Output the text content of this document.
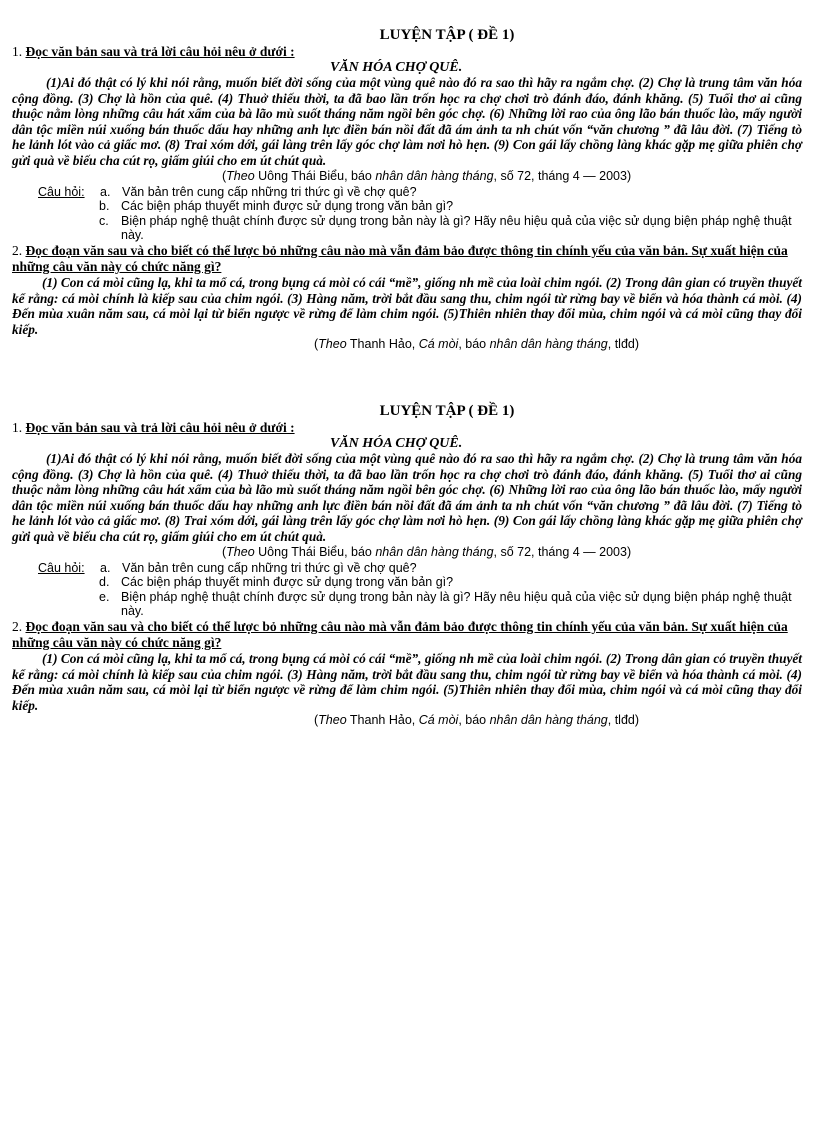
LUYỆN TẬP ( ĐỀ 1)
1. Đọc văn bản sau và trả lời câu hỏi nêu ở dưới :
VĂN HÓA CHỢ QUÊ.
(1)Ai đó thật có lý khi nói rằng, muốn biết đời sống của một vùng quê nào đó ra sao thì hãy ra ngắm chợ. (2) Chợ là trung tâm văn hóa cộng đồng. (3) Chợ là hồn của quê. (4) Thuở thiếu thời, ta đã bao lần trốn học ra chợ chơi trò đánh đáo, đánh khăng. (5) Tuổi thơ ai cũng thuộc nằm lòng những câu hát xẩm của bà lão mù suốt tháng năm ngồi bên góc chợ. (6) Những lời rao của ông lão bán thuốc lào, mấy người dân tộc miền núi xuống bán thuốc dấu hay những anh lực điền bán nồi đất đã ám ảnh ta nh chút vốn “văn chương ” đã lâu đời. (7) Tiếng tò he lảnh lót vào cả giấc mơ. (8) Trai xóm dới, gái làng trên lấy góc chợ làm nơi hò hẹn. (9) Con gái lấy chồng làng khác gặp mẹ giữa phiên chợ gửi quà về biếu cha cút rọ, giấm giúi cho em út chút quà.
(Theo Uông Thái Biểu, báo nhân dân hàng tháng, số 72, tháng 4 — 2003)
Câu hỏi:	a. Văn bản trên cung cấp những tri thức gì về chợ quê?
b. Các biện pháp thuyết minh được sử dụng trong văn bản gì?
c. Biện pháp nghệ thuật chính được sử dụng trong bản này là gì? Hãy nêu hiệu quả của việc sử dụng biện pháp nghệ thuật này.
2. Đọc đoạn văn sau và cho biết có thể lược bỏ những câu nào mà vẫn đảm bảo được thông tin chính yếu của văn bản. Sự xuất hiện của những câu văn này có chức năng gì?
(1) Con cá mòi cũng lạ, khi ta mổ cá, trong bụng cá mòi có cái “mề”, giống nh mề của loài chim ngói. (2) Trong dân gian có truyền thuyết kể rằng: cá mòi chính là kiếp sau của chim ngói. (3) Hàng năm, trời bắt đầu sang thu, chim ngói từ rừng bay về biển và hóa thành cá mòi. (4) Đến mùa xuân năm sau, cá mòi lại từ biển ngược về rừng để làm chim ngói. (5)Thiên nhiên thay đổi mùa, chim ngói và cá mòi cũng thay đổi kiếp.
(Theo Thanh Hảo, Cá mòi, báo nhân dân hàng tháng, tlđd)
LUYỆN TẬP ( ĐỀ 1)
1. Đọc văn bản sau và trả lời câu hỏi nêu ở dưới :
VĂN HÓA CHỢ QUÊ.
(1)Ai đó thật có lý khi nói rằng, muốn biết đời sống của một vùng quê nào đó ra sao thì hãy ra ngắm chợ. (2) Chợ là trung tâm văn hóa cộng đồng. (3) Chợ là hồn của quê. (4) Thuở thiếu thời, ta đã bao lần trốn học ra chợ chơi trò đánh đáo, đánh khăng. (5) Tuổi thơ ai cũng thuộc nằm lòng những câu hát xẩm của bà lão mù suốt tháng năm ngồi bên góc chợ. (6) Những lời rao của ông lão bán thuốc lào, mấy người dân tộc miền núi xuống bán thuốc dấu hay những anh lực điền bán nồi đất đã ám ảnh ta nh chút vốn “văn chương ” đã lâu đời. (7) Tiếng tò he lảnh lót vào cả giấc mơ. (8) Trai xóm dới, gái làng trên lấy góc chợ làm nơi hò hẹn. (9) Con gái lấy chồng làng khác gặp mẹ giữa phiên chợ gửi quà về biếu cha cút rọ, giấm giúi cho em út chút quà.
(Theo Uông Thái Biểu, báo nhân dân hàng tháng, số 72, tháng 4 — 2003)
Câu hỏi:	a. Văn bản trên cung cấp những tri thức gì về chợ quê?
d. Các biện pháp thuyết minh được sử dụng trong văn bản gì?
e. Biện pháp nghệ thuật chính được sử dụng trong bản này là gì? Hãy nêu hiệu quả của việc sử dụng biện pháp nghệ thuật này.
2. Đọc đoạn văn sau và cho biết có thể lược bỏ những câu nào mà vẫn đảm bảo được thông tin chính yếu của văn bản. Sự xuất hiện của những câu văn này có chức năng gì?
(1) Con cá mòi cũng lạ, khi ta mổ cá, trong bụng cá mòi có cái “mề”, giống nh mề của loài chim ngói. (2) Trong dân gian có truyền thuyết kể rằng: cá mòi chính là kiếp sau của chim ngói. (3) Hàng năm, trời bắt đầu sang thu, chim ngói từ rừng bay về biển và hóa thành cá mòi. (4) Đến mùa xuân năm sau, cá mòi lại từ biển ngược về rừng để làm chim ngói. (5)Thiên nhiên thay đổi mùa, chim ngói và cá mòi cũng thay đổi kiếp.
(Theo Thanh Hảo, Cá mòi, báo nhân dân hàng tháng, tlđd)
